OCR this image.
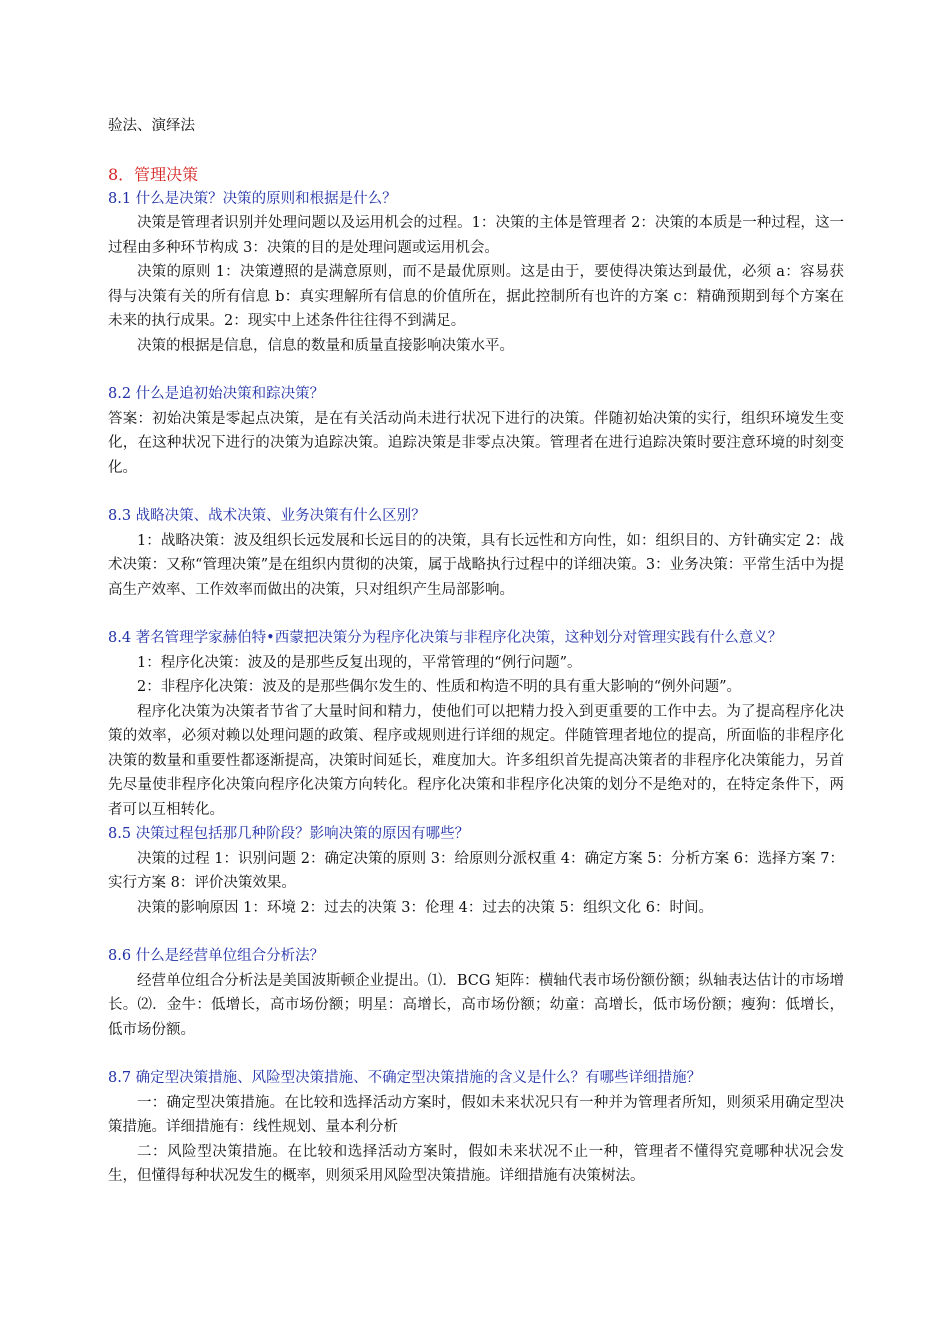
验法、演绎法

8．管理决策

8.1 什么是决策？决策的原则和根据是什么？

决策是管理者识别并处理问题以及运用机会的过程。1：决策的主体是管理者 2：决策的本质是一种过程，这一过程由多种环节构成 3：决策的目的是处理问题或运用机会。

决策的原则 1：决策遵照的是满意原则，而不是最优原则。这是由于，要使得决策达到最优，必须 a：容易获得与决策有关的所有信息 b：真实理解所有信息的价值所在，据此控制所有也许的方案 c：精确预期到每个方案在未来的执行成果。2：现实中上述条件往往得不到满足。

决策的根据是信息，信息的数量和质量直接影响决策水平。

8.2 什么是追初始决策和踪决策？

答案：初始决策是零起点决策，是在有关活动尚未进行状况下进行的决策。伴随初始决策的实行，组织环境发生变化，在这种状况下进行的决策为追踪决策。追踪决策是非零点决策。管理者在进行追踪决策时要注意环境的时刻变化。

8.3 战略决策、战术决策、业务决策有什么区别？

1：战略决策：波及组织长远发展和长远目的的决策，具有长远性和方向性，如：组织目的、方针确实定 2：战术决策：又称“管理决策”是在组织内贯彻的决策，属于战略执行过程中的详细决策。3：业务决策：平常生活中为提高生产效率、工作效率而做出的决策，只对组织产生局部影响。

8.4 著名管理学家赫伯特•西蒙把决策分为程序化决策与非程序化决策，这种划分对管理实践有什么意义？

1：程序化决策：波及的是那些反复出现的，平常管理的“例行问题”。

2：非程序化决策：波及的是那些偶尔发生的、性质和构造不明的具有重大影响的“例外问题”。

程序化决策为决策者节省了大量时间和精力，使他们可以把精力投入到更重要的工作中去。为了提高程序化决策的效率，必须对赖以处理问题的政策、程序或规则进行详细的规定。伴随管理者地位的提高，所面临的非程序化决策的数量和重要性都逐渐提高，决策时间延长，难度加大。许多组织首先提高决策者的非程序化决策能力，另首先尽量使非程序化决策向程序化决策方向转化。程序化决策和非程序化决策的划分不是绝对的，在特定条件下，两者可以互相转化。

8.5 决策过程包括那几种阶段？影响决策的原因有哪些？

决策的过程 1：识别问题 2：确定决策的原则 3：给原则分派权重 4：确定方案 5：分析方案 6：选择方案 7：实行方案 8：评价决策效果。

决策的影响原因 1：环境 2：过去的决策 3：伦理 4：过去的决策 5：组织文化 6：时间。

8.6 什么是经营单位组合分析法？

经营单位组合分析法是美国波斯顿企业提出。⑴．BCG 矩阵：横轴代表市场份额份额；纵轴表达估计的市场增长。⑵．金牛：低增长，高市场份额；明星：高增长，高市场份额；幼童：高增长，低市场份额；瘦狗：低增长，低市场份额。

8.7 确定型决策措施、风险型决策措施、不确定型决策措施的含义是什么？有哪些详细措施？

一：确定型决策措施。在比较和选择活动方案时，假如未来状况只有一种并为管理者所知，则须采用确定型决策措施。详细措施有：线性规划、量本利分析

二：风险型决策措施。在比较和选择活动方案时，假如未来状况不止一种，管理者不懂得究竟哪种状况会发生，但懂得每种状况发生的概率，则须采用风险型决策措施。详细措施有决策树法。
